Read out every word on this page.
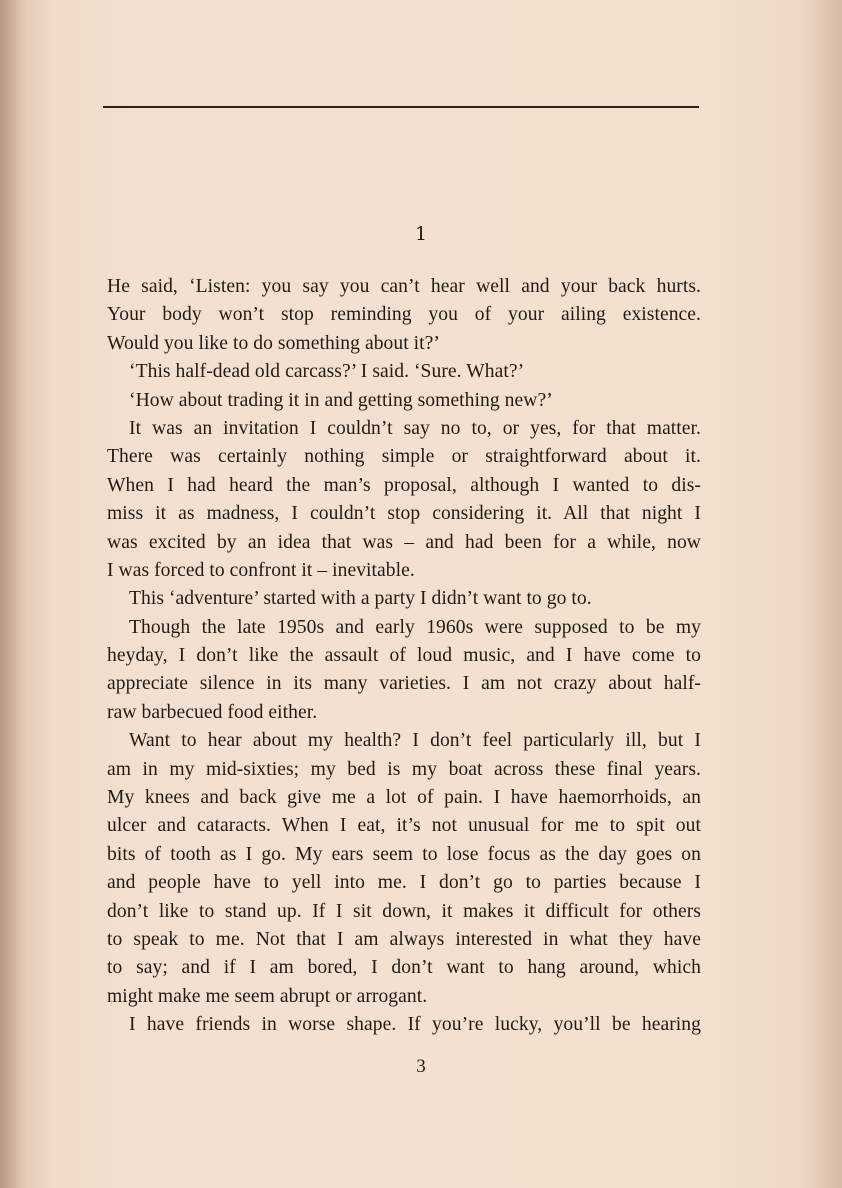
1
He said, ‘Listen: you say you can’t hear well and your back hurts.
Your body won’t stop reminding you of your ailing existence.
Would you like to do something about it?’
‘This half-dead old carcass?’ I said. ‘Sure. What?’
‘How about trading it in and getting something new?’
It was an invitation I couldn’t say no to, or yes, for that matter.
There was certainly nothing simple or straightforward about it.
When I had heard the man’s proposal, although I wanted to dis-
miss it as madness, I couldn’t stop considering it. All that night I
was excited by an idea that was – and had been for a while, now
I was forced to confront it – inevitable.
This ‘adventure’ started with a party I didn’t want to go to.
Though the late 1950s and early 1960s were supposed to be my
heyday, I don’t like the assault of loud music, and I have come to
appreciate silence in its many varieties. I am not crazy about half-
raw barbecued food either.
Want to hear about my health? I don’t feel particularly ill, but I
am in my mid-sixties; my bed is my boat across these final years.
My knees and back give me a lot of pain. I have haemorrhoids, an
ulcer and cataracts. When I eat, it’s not unusual for me to spit out
bits of tooth as I go. My ears seem to lose focus as the day goes on
and people have to yell into me. I don’t go to parties because I
don’t like to stand up. If I sit down, it makes it difficult for others
to speak to me. Not that I am always interested in what they have
to say; and if I am bored, I don’t want to hang around, which
might make me seem abrupt or arrogant.
I have friends in worse shape. If you’re lucky, you’ll be hearing
3
